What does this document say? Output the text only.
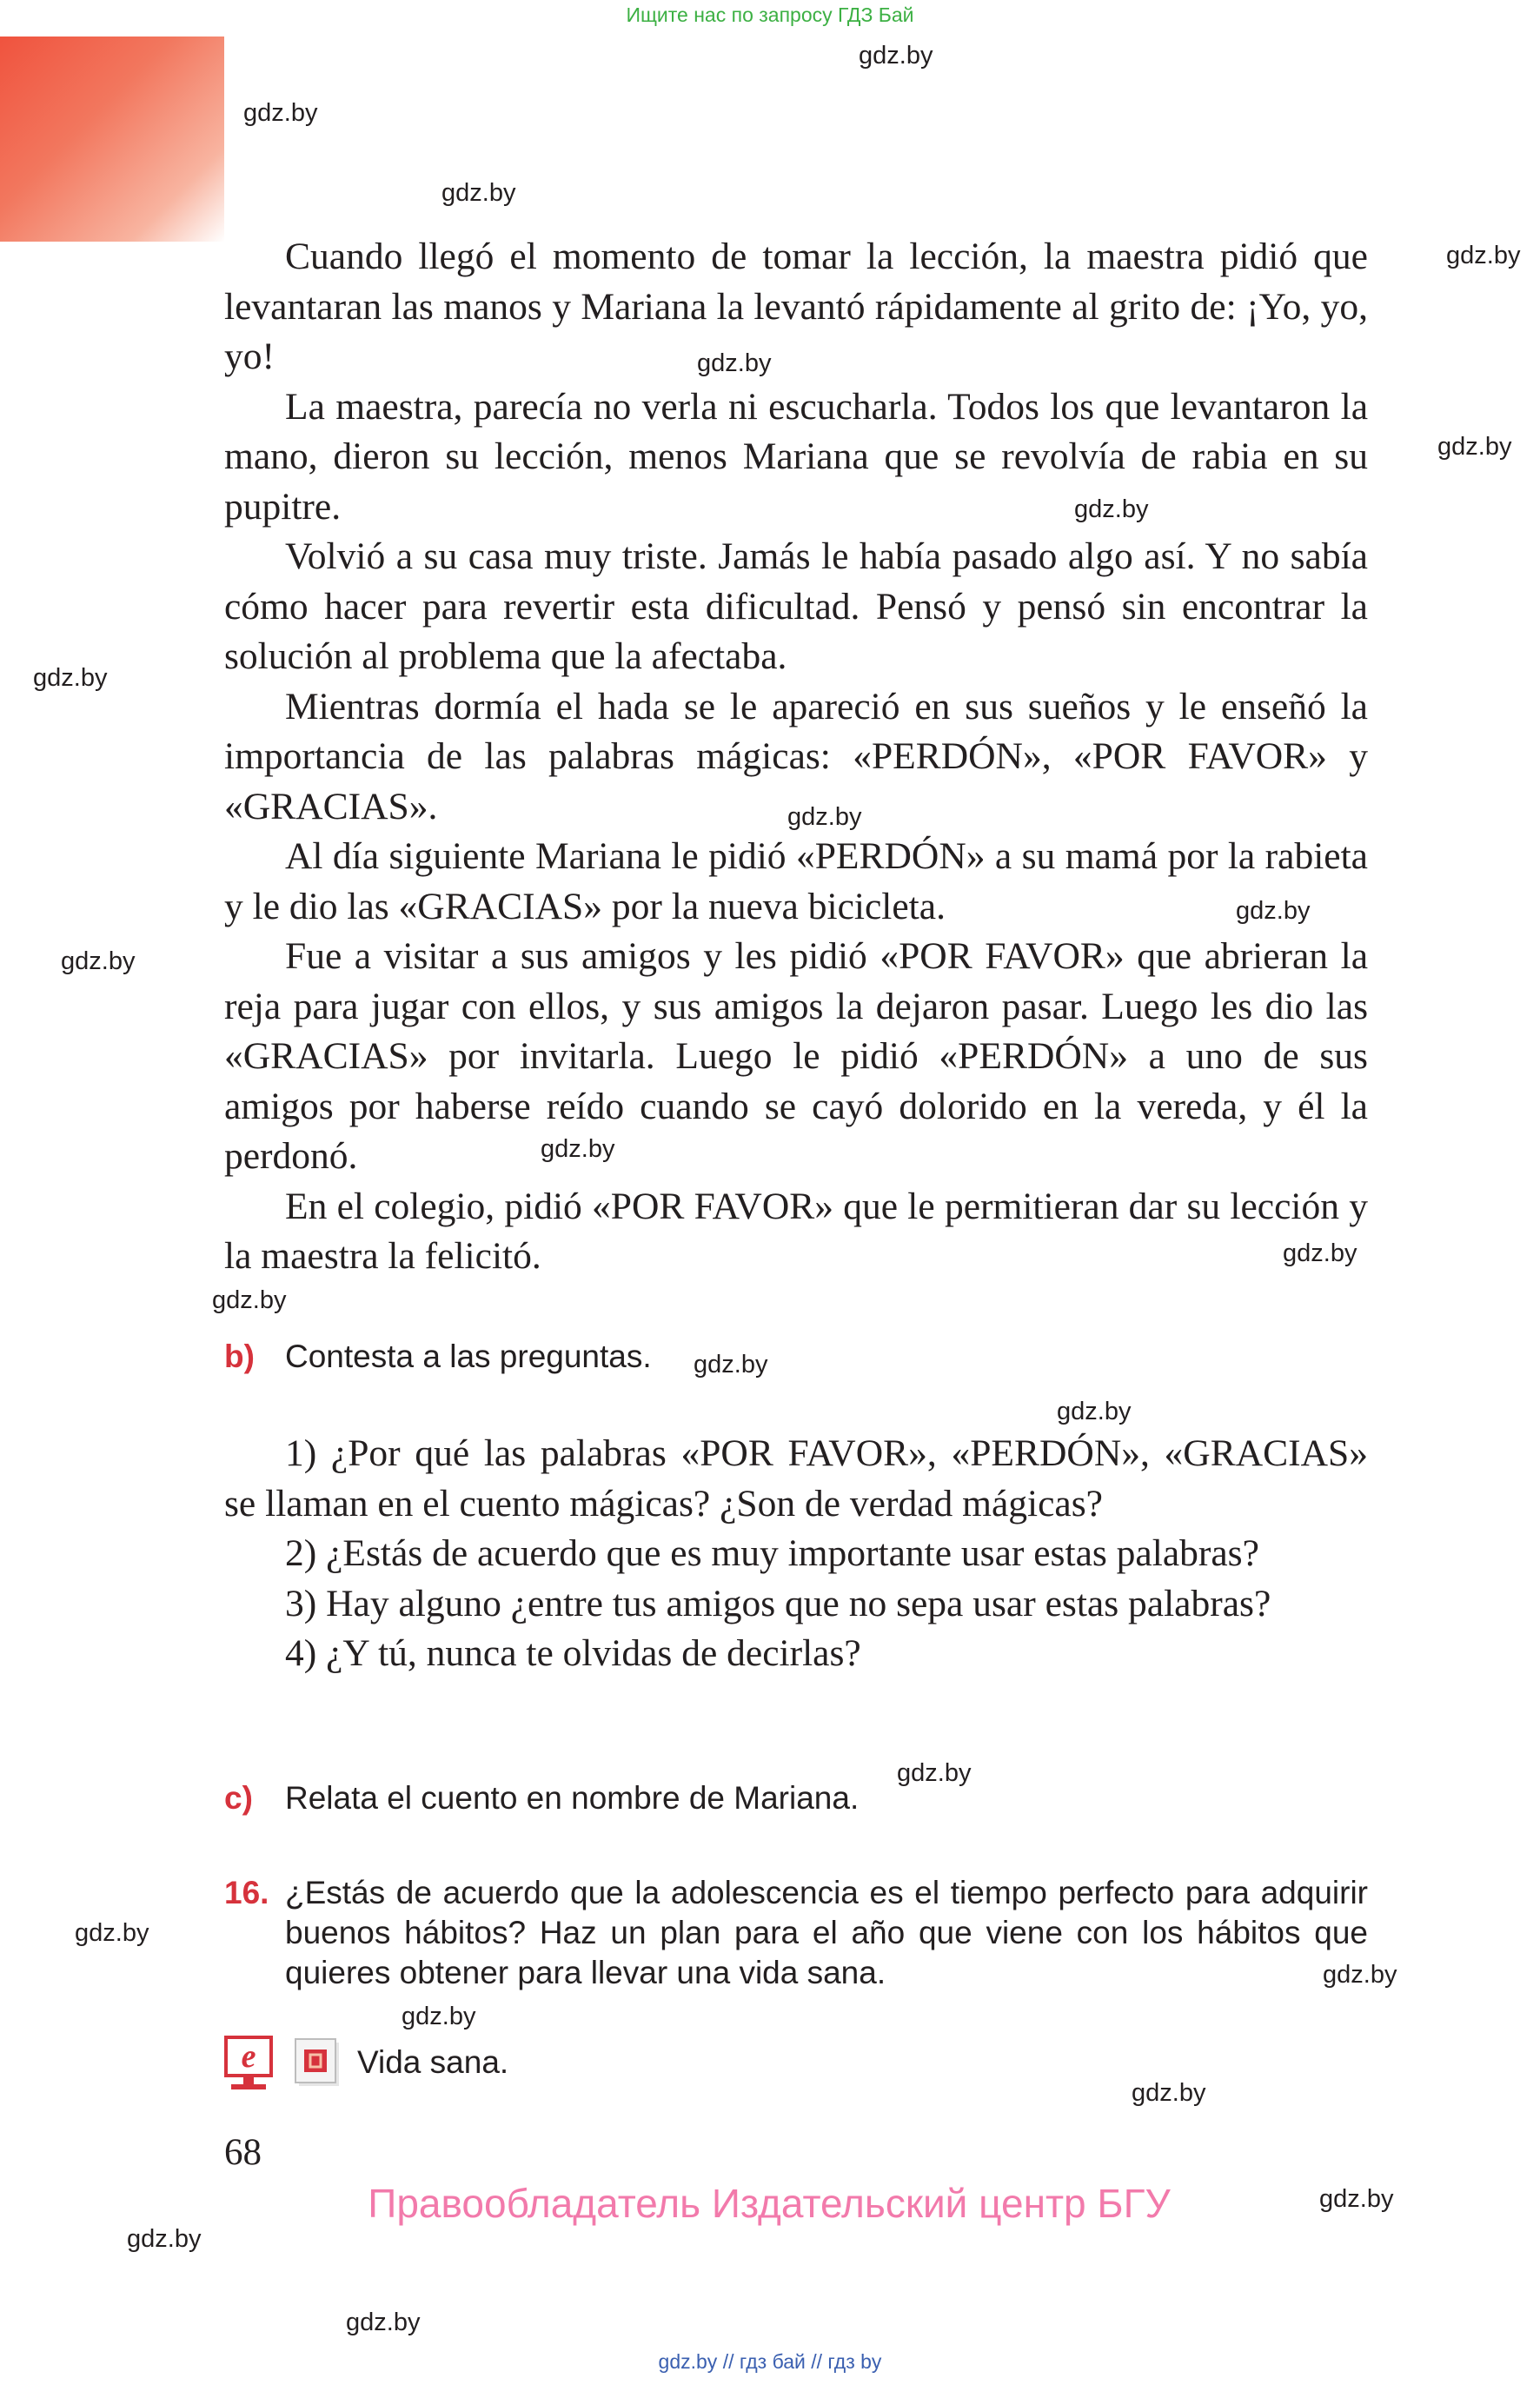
Ищите нас по запросу ГДЗ Бай
gdz.by
gdz.by
gdz.by
gdz.by
gdz.by
gdz.by
gdz.by
gdz.by
gdz.by
gdz.by
gdz.by
gdz.by
gdz.by
gdz.by
gdz.by
gdz.by
gdz.by
gdz.by
gdz.by
gdz.by
gdz.by
gdz.by
gdz.by
gdz.by

Cuando llegó el momento de tomar la lección, la maestra pidió que levantaran las manos y Mariana la levantó rápidamente al grito de: ¡Yo, yo, yo!

La maestra, parecía no verla ni escucharla. Todos los que levantaron la mano, dieron su lección, menos Mariana que se revolvía de rabia en su pupitre.

Volvió a su casa muy triste. Jamás le había pasado algo así. Y no sabía cómo hacer para revertir esta dificultad. Pensó y pensó sin encontrar la solución al problema que la afectaba.

Mientras dormía el hada se le apareció en sus sueños y le enseñó la importancia de las palabras mágicas: «PERDÓN», «POR FAVOR» y «GRACIAS».

Al día siguiente Mariana le pidió «PERDÓN» a su mamá por la rabieta y le dio las «GRACIAS» por la nueva bicicleta.

Fue a visitar a sus amigos y les pidió «POR FAVOR» que abrieran la reja para jugar con ellos, y sus amigos la dejaron pasar. Luego les dio las «GRACIAS» por invitarla. Luego le pidió «PERDÓN» a uno de sus amigos por haberse reído cuando se cayó dolorido en la vereda, y él la perdonó.

En el colegio, pidió «POR FAVOR» que le permitieran dar su lección y la maestra la felicitó.

b) Contesta a las preguntas.

1) ¿Por qué las palabras «POR FAVOR», «PERDÓN», «GRACIAS» se llaman en el cuento mágicas? ¿Son de verdad mágicas?

2) ¿Estás de acuerdo que es muy importante usar estas palabras?

3) Hay alguno ¿entre tus amigos que no sepa usar estas palabras?

4) ¿Y tú, nunca te olvidas de decirlas?

c) Relata el cuento en nombre de Mariana.
16. ¿Estás de acuerdo que la adolescencia es el tiempo perfecto para adquirir buenos hábitos? Haz un plan para el año que viene con los hábitos que quieres obtener para llevar una vida sana.
e	Vida sana.
68
Правообладатель Издательский центр БГУ
gdz.by // гдз бай // гдз by
